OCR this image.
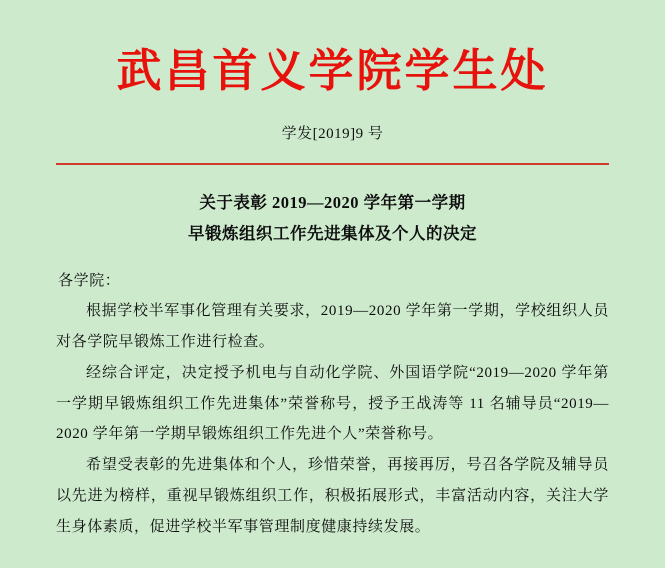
武昌首义学院学生处
学发[2019]9 号
关于表彰 2019—2020 学年第一学期
早锻炼组织工作先进集体及个人的决定

各学院：

根据学校半军事化管理有关要求，2019—2020 学年第一学期，学校组织人员对各学院早锻炼工作进行检查。

经综合评定，决定授予机电与自动化学院、外国语学院“2019—2020 学年第一学期早锻炼组织工作先进集体”荣誉称号，授予王战涛等 11 名辅导员“2019—2020 学年第一学期早锻炼组织工作先进个人”荣誉称号。

希望受表彰的先进集体和个人，珍惜荣誉，再接再厉，号召各学院及辅导员以先进为榜样，重视早锻炼组织工作，积极拓展形式，丰富活动内容，关注大学生身体素质，促进学校半军事管理制度健康持续发展。
